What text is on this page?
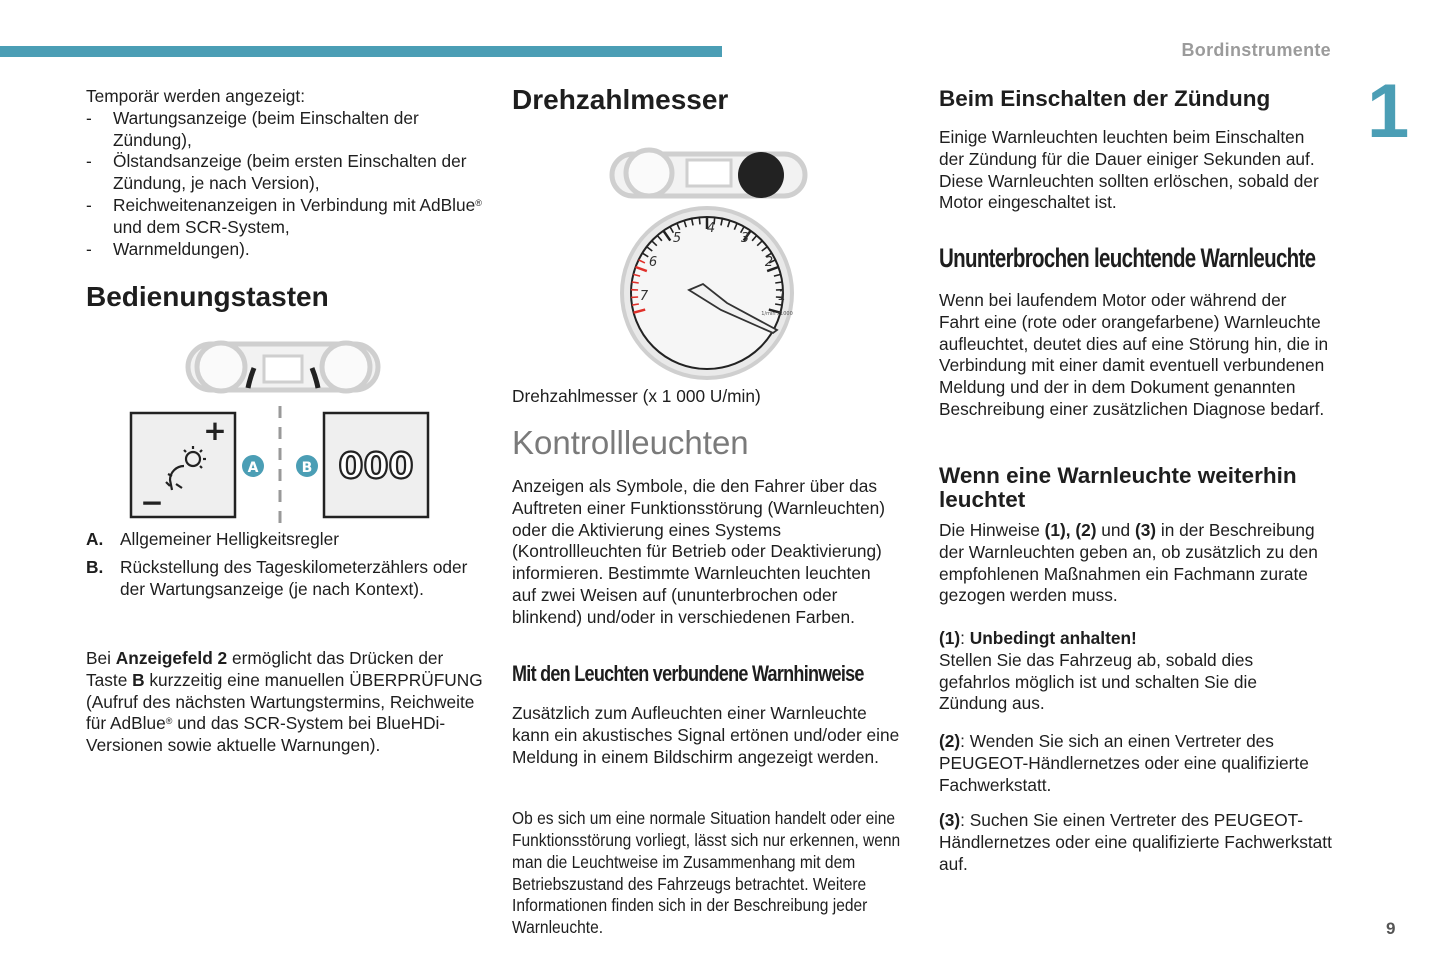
Bordinstrumente
1
9

Temporär werden angezeigt:

- Wartungsanzeige (beim Einschalten der Zündung),
- Ölstandsanzeige (beim ersten Einschalten der Zündung, je nach Version),
- Reichweitenanzeigen in Verbindung mit AdBlue® und dem SCR-System,
- Warnmeldungen).
Bedienungstasten
+
−
000
A	B
A. Allgemeiner Helligkeitsregler
B. Rückstellung des Tageskilometerzählers oder der Wartungsanzeige (je nach Kontext).

Bei Anzeigefeld 2 ermöglicht das Drücken der Taste B kurzzeitig eine manuellen ÜBERPRÜFUNG (Aufruf des nächsten Wartungstermins, Reichweite für AdBlue® und das SCR-System bei BlueHDi-Versionen sowie aktuelle Warnungen).

Drehzahlmesser
7
6
5
4
3
2
1
1/min x1000

Drehzahlmesser (x 1 000 U/min)

Kontrollleuchten

Anzeigen als Symbole, die den Fahrer über das Auftreten einer Funktionsstörung (Warnleuchten) oder die Aktivierung eines Systems (Kontrollleuchten für Betrieb oder Deaktivierung) informieren. Bestimmte Warnleuchten leuchten auf zwei Weisen auf (ununterbrochen oder blinkend) und/oder in verschiedenen Farben.

Mit den Leuchten verbundene Warnhinweise

Zusätzlich zum Aufleuchten einer Warnleuchte kann ein akustisches Signal ertönen und/oder eine Meldung in einem Bildschirm angezeigt werden.

Ob es sich um eine normale Situation handelt oder eine Funktionsstörung vorliegt, lässt sich nur erkennen, wenn man die Leuchtweise im Zusammenhang mit dem Betriebszustand des Fahrzeugs betrachtet. Weitere Informationen finden sich in der Beschreibung jeder Warnleuchte.

Beim Einschalten der Zündung

Einige Warnleuchten leuchten beim Einschalten der Zündung für die Dauer einiger Sekunden auf. Diese Warnleuchten sollten erlöschen, sobald der Motor eingeschaltet ist.

Ununterbrochen leuchtende Warnleuchte

Wenn bei laufendem Motor oder während der Fahrt eine (rote oder orangefarbene) Warnleuchte aufleuchtet, deutet dies auf eine Störung hin, die in Verbindung mit einer damit eventuell verbundenen Meldung und der in dem Dokument genannten Beschreibung einer zusätzlichen Diagnose bedarf.

Wenn eine Warnleuchte weiterhin leuchtet

Die Hinweise (1), (2) und (3) in der Beschreibung der Warnleuchten geben an, ob zusätzlich zu den empfohlenen Maßnahmen ein Fachmann zurate gezogen werden muss.

(1): Unbedingt anhalten!
Stellen Sie das Fahrzeug ab, sobald dies gefahrlos möglich ist und schalten Sie die Zündung aus.
(2): Wenden Sie sich an einen Vertreter des PEUGEOT-Händlernetzes oder eine qualifizierte Fachwerkstatt.
(3): Suchen Sie einen Vertreter des PEUGEOT-Händlernetzes oder eine qualifizierte Fachwerkstatt auf.
